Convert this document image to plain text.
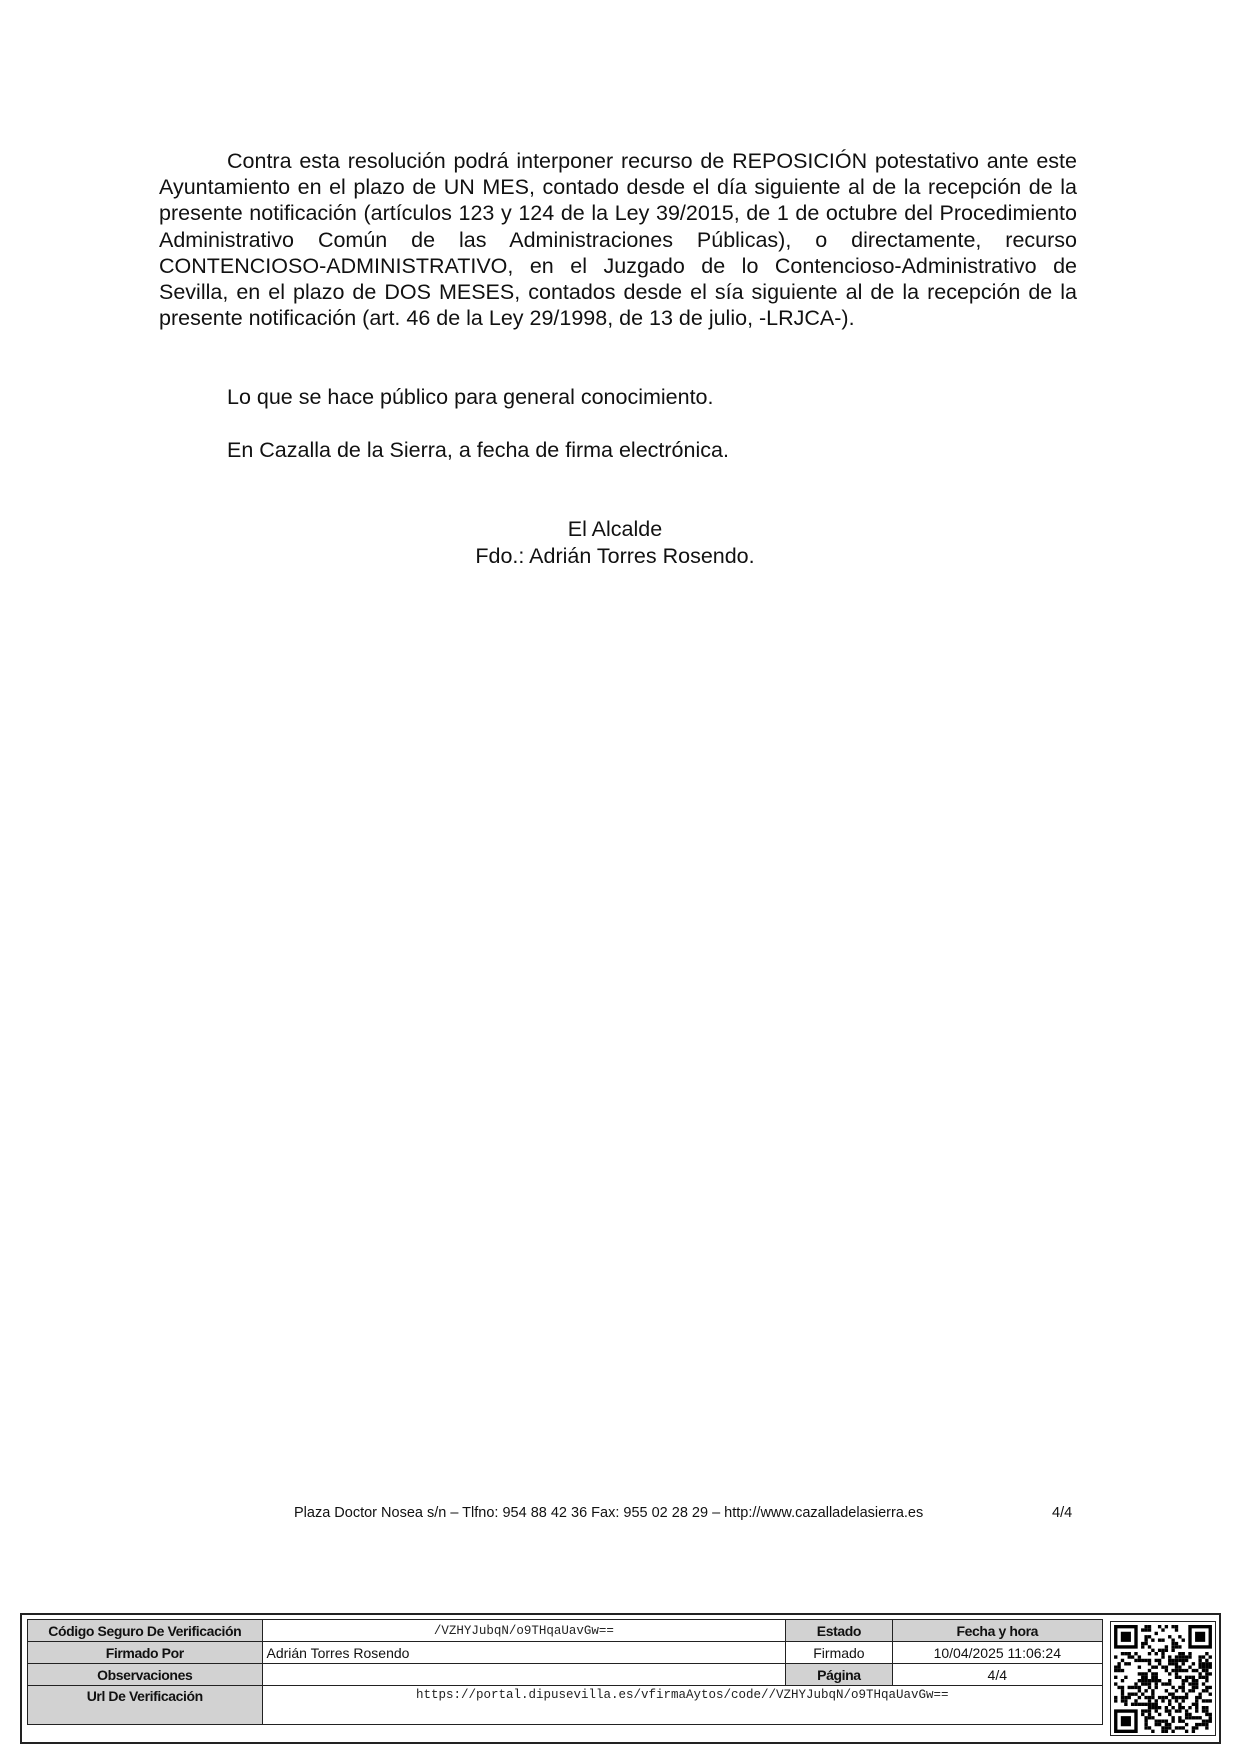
Contra esta resolución podrá interponer recurso de REPOSICIÓN potestativo ante este Ayuntamiento en el plazo de UN MES, contado desde el día siguiente al de la recepción de la presente notificación (artículos 123 y 124 de la Ley 39/2015, de 1 de octubre del Procedimiento Administrativo Común de las Administraciones Públicas), o directamente, recurso CONTENCIOSO-ADMINISTRATIVO, en el Juzgado de lo Contencioso-Administrativo de Sevilla, en el plazo de DOS MESES, contados desde el sía siguiente al de la recepción de la presente notificación (art. 46 de la Ley 29/1998, de 13 de julio, -LRJCA-).
Lo que se hace público para general conocimiento.
En Cazalla de la Sierra, a fecha de firma electrónica.
El Alcalde
Fdo.: Adrián Torres Rosendo.
Plaza Doctor Nosea s/n – Tlfno: 954 88 42 36 Fax: 955 02 28 29 – http://www.cazalladelasierra.es	4/4
Código Seguro De Verificación	/VZHYJubqN/o9THqaUavGw==	Estado	Fecha y hora
Firmado Por	Adrián Torres Rosendo	Firmado	10/04/2025 11:06:24
Observaciones		Página	4/4
Url De Verificación	https://portal.dipusevilla.es/vfirmaAytos/code//VZHYJubqN/o9THqaUavGw==		
